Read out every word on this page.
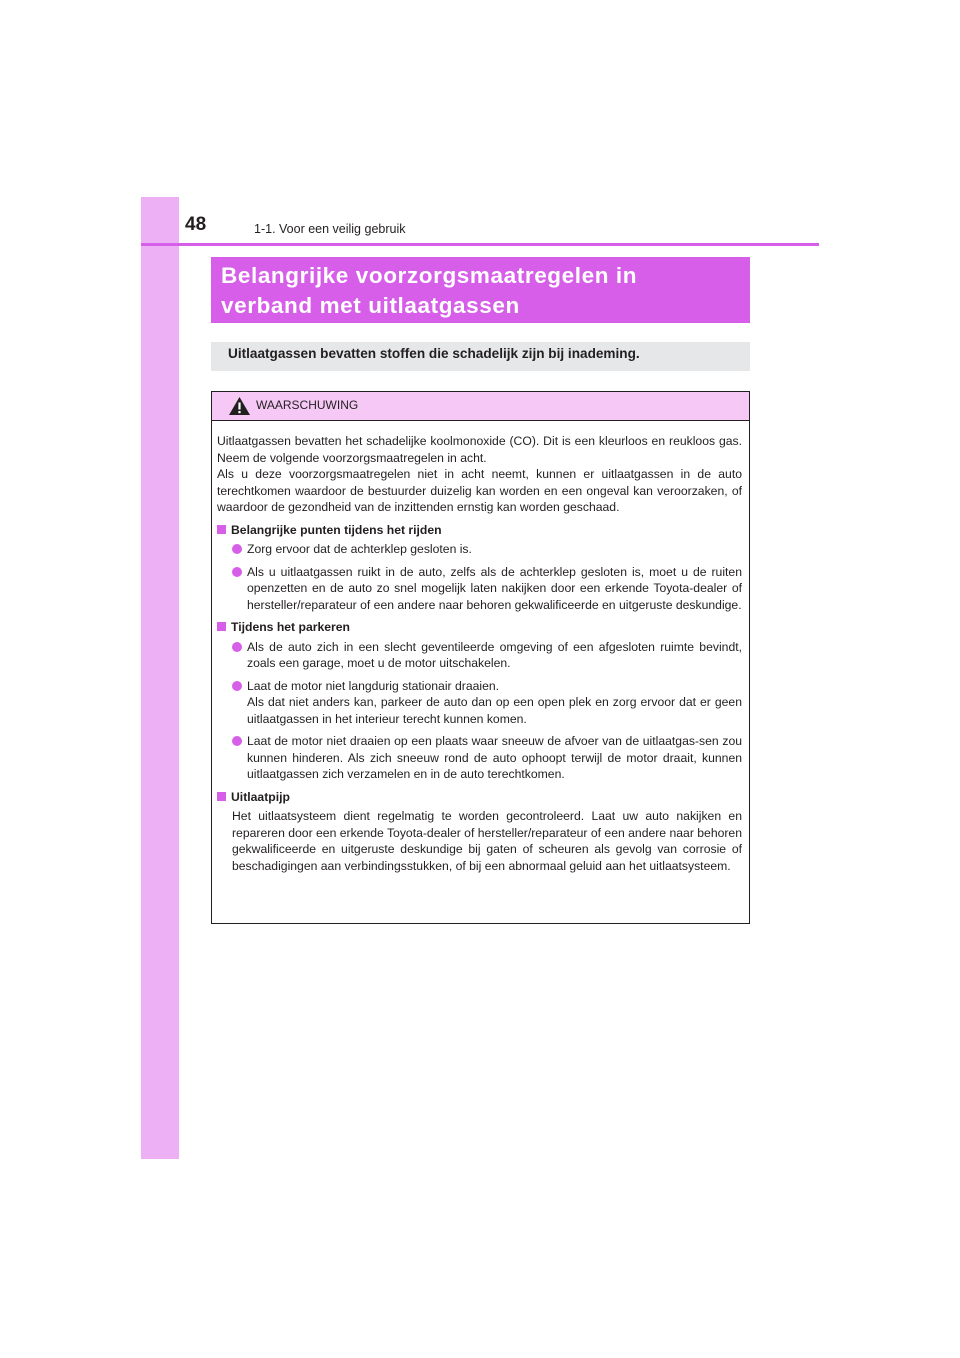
48	1-1. Voor een veilig gebruik
Belangrijke voorzorgsmaatregelen in
verband met uitlaatgassen
Uitlaatgassen bevatten stoffen die schadelijk zijn bij inademing.
WAARSCHUWING
Uitlaatgassen bevatten het schadelijke koolmonoxide (CO). Dit is een kleurloos en reukloos gas. Neem de volgende voorzorgsmaatregelen in acht.
Als u deze voorzorgsmaatregelen niet in acht neemt, kunnen er uitlaatgassen in de auto terechtkomen waardoor de bestuurder duizelig kan worden en een ongeval kan veroorzaken, of waardoor de gezondheid van de inzittenden ernstig kan worden geschaad.
Belangrijke punten tijdens het rijden
Zorg ervoor dat de achterklep gesloten is.
Als u uitlaatgassen ruikt in de auto, zelfs als de achterklep gesloten is, moet u de ruiten openzetten en de auto zo snel mogelijk laten nakijken door een erkende Toyota-dealer of hersteller/reparateur of een andere naar behoren gekwalificeerde en uitgeruste deskundige.
Tijdens het parkeren
Als de auto zich in een slecht geventileerde omgeving of een afgesloten ruimte bevindt, zoals een garage, moet u de motor uitschakelen.
Laat de motor niet langdurig stationair draaien.
Als dat niet anders kan, parkeer de auto dan op een open plek en zorg ervoor dat er geen uitlaatgassen in het interieur terecht kunnen komen.
Laat de motor niet draaien op een plaats waar sneeuw de afvoer van de uitlaatgas-sen zou kunnen hinderen. Als zich sneeuw rond de auto ophoopt terwijl de motor draait, kunnen uitlaatgassen zich verzamelen en in de auto terechtkomen.
Uitlaatpijp
Het uitlaatsysteem dient regelmatig te worden gecontroleerd. Laat uw auto nakijken en repareren door een erkende Toyota-dealer of hersteller/reparateur of een andere naar behoren gekwalificeerde en uitgeruste deskundige bij gaten of scheuren als gevolg van corrosie of beschadigingen aan verbindingsstukken, of bij een abnormaal geluid aan het uitlaatsysteem.
